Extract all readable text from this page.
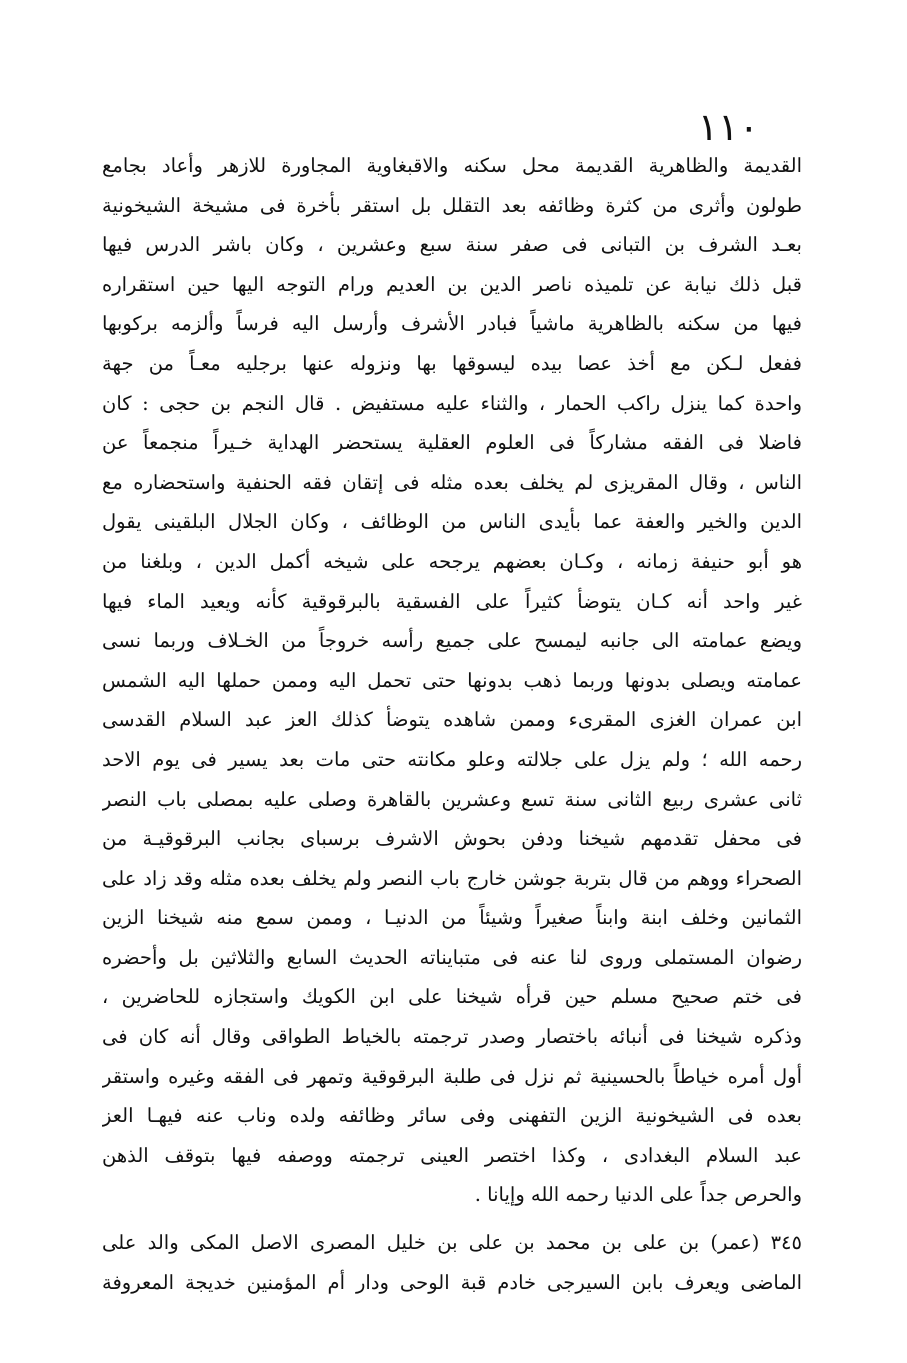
١١٠
القديمة والظاهرية القديمة محل سكنه والاقبغاوية المجاورة للازهر وأعاد بجامع
طولون وأثرى من كثرة وظائفه بعد التقلل بل استقر بأخرة فى مشيخة الشيخونية
بعـد الشرف بن التبانى فى صفر سنة سبع وعشرين ، وكان باشر الدرس فيها
قبل ذلك نيابة عن تلميذه ناصر الدين بن العديم ورام التوجه اليها حين استقراره
فيها من سكنه بالظاهرية ماشياً فبادر الأشرف وأرسل اليه فرساً وألزمه بركوبها
ففعل لـكن مع أخذ عصا بيده ليسوقها بها ونزوله عنها برجليه معـاً من جهة
واحدة كما ينزل راكب الحمار ، والثناء عليه مستفيض . قال النجم بن حجى : كان
فاضلا فى الفقه مشاركاً فى العلوم العقلية يستحضر الهداية خـيراً منجمعاً عن
الناس ، وقال المقريزى لم يخلف بعده مثله فى إتقان فقه الحنفية واستحضاره مع
الدين والخير والعفة عما بأيدى الناس من الوظائف ، وكان الجلال البلقينى يقول
هو أبو حنيفة زمانه ، وكـان بعضهم يرجحه على شيخه أكمل الدين ، وبلغنا من
غير واحد أنه كـان يتوضأ كثيراً على الفسقية بالبرقوقية كأنه ويعيد الماء فيها
ويضع عمامته الى جانبه ليمسح على جميع رأسه خروجاً من الخـلاف وربما نسى
عمامته ويصلى بدونها وربما ذهب بدونها حتى تحمل اليه وممن حملها اليه الشمس
ابن عمران الغزى المقرىء وممن شاهده يتوضأ كذلك العز عبد السلام القدسى
رحمه الله ؛ ولم يزل على جلالته وعلو مكانته حتى مات بعد يسير فى يوم الاحد
ثانى عشرى ربيع الثانى سنة تسع وعشرين بالقاهرة وصلى عليه بمصلى باب النصر
فى محفل تقدمهم شيخنا ودفن بحوش الاشرف برسباى بجانب البرقوقيـة من
الصحراء ووهم من قال بتربة جوشن خارج باب النصر ولم يخلف بعده مثله وقد زاد على
الثمانين وخلف ابنة وابناً صغيراً وشيئاً من الدنيـا ، وممن سمع منه شيخنا الزين
رضوان المستملى وروى لنا عنه فى متبايناته الحديث السابع والثلاثين بل وأحضره
فى ختم صحيح مسلم حين قرأه شيخنا على ابن الكويك واستجازه للحاضرين ،
وذكره شيخنا فى أنبائه باختصار وصدر ترجمته بالخياط الطواقى وقال أنه كان فى
أول أمره خياطاً بالحسينية ثم نزل فى طلبة البرقوقية وتمهر فى الفقه وغيره واستقر
بعده فى الشيخونية الزين التفهنى وفى سائر وظائفه ولده وناب عنه فيهـا العز
عبد السلام البغدادى ، وكذا اختصر العينى ترجمته ووصفه فيها بتوقف الذهن
والحرص جداً على الدنيا رحمه الله وإيانا .
٣٤٥ (عمر) بن على بن محمد بن على بن خليل المصرى الاصل المكى والد على
الماضى ويعرف بابن السيرجى خادم قبة الوحى ودار أم المؤمنين خديجة المعروفة
